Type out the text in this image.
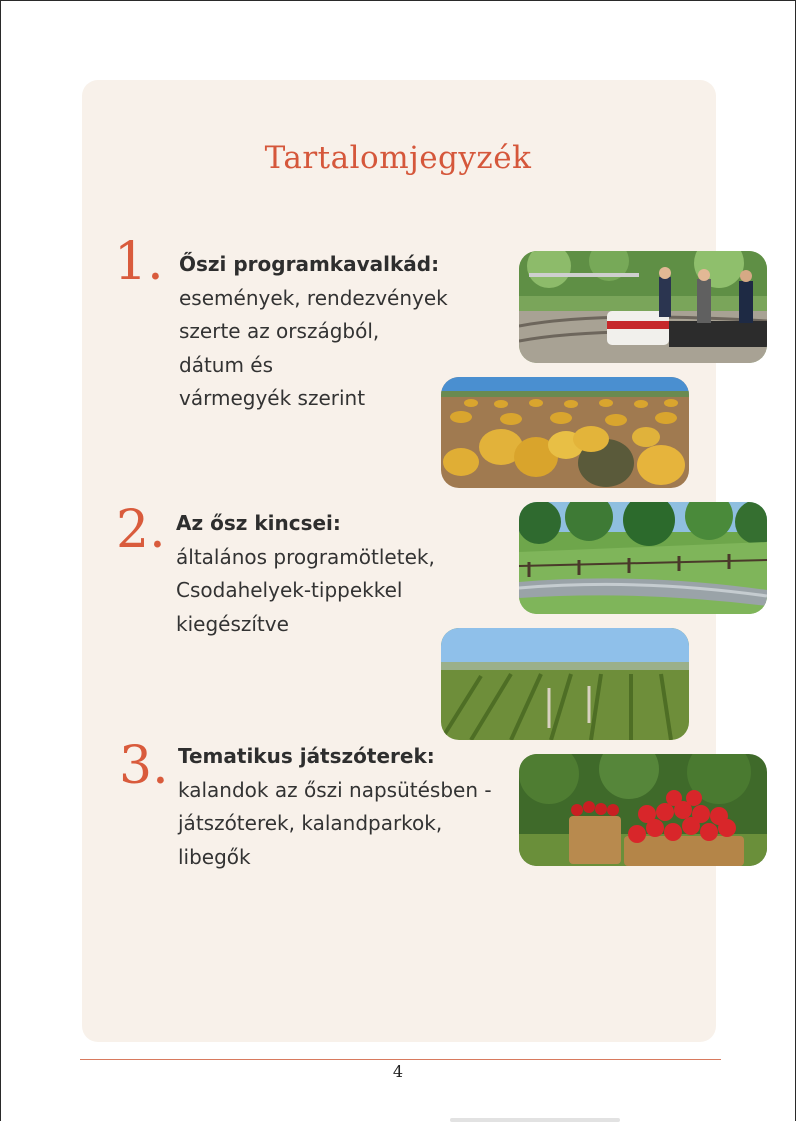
Tartalomjegyzék
1. Őszi programkavalkád:
események, rendezvények
szerte az országból,
dátum és
vármegyék szerint
2. Az ősz kincsei:
általános programötletek,
Csodahelyek-tippekkel
kiegészítve
3. Tematikus játszóterek:
kalandok az őszi napsütésben -
játszóterek, kalandparkok,
libegők
4
